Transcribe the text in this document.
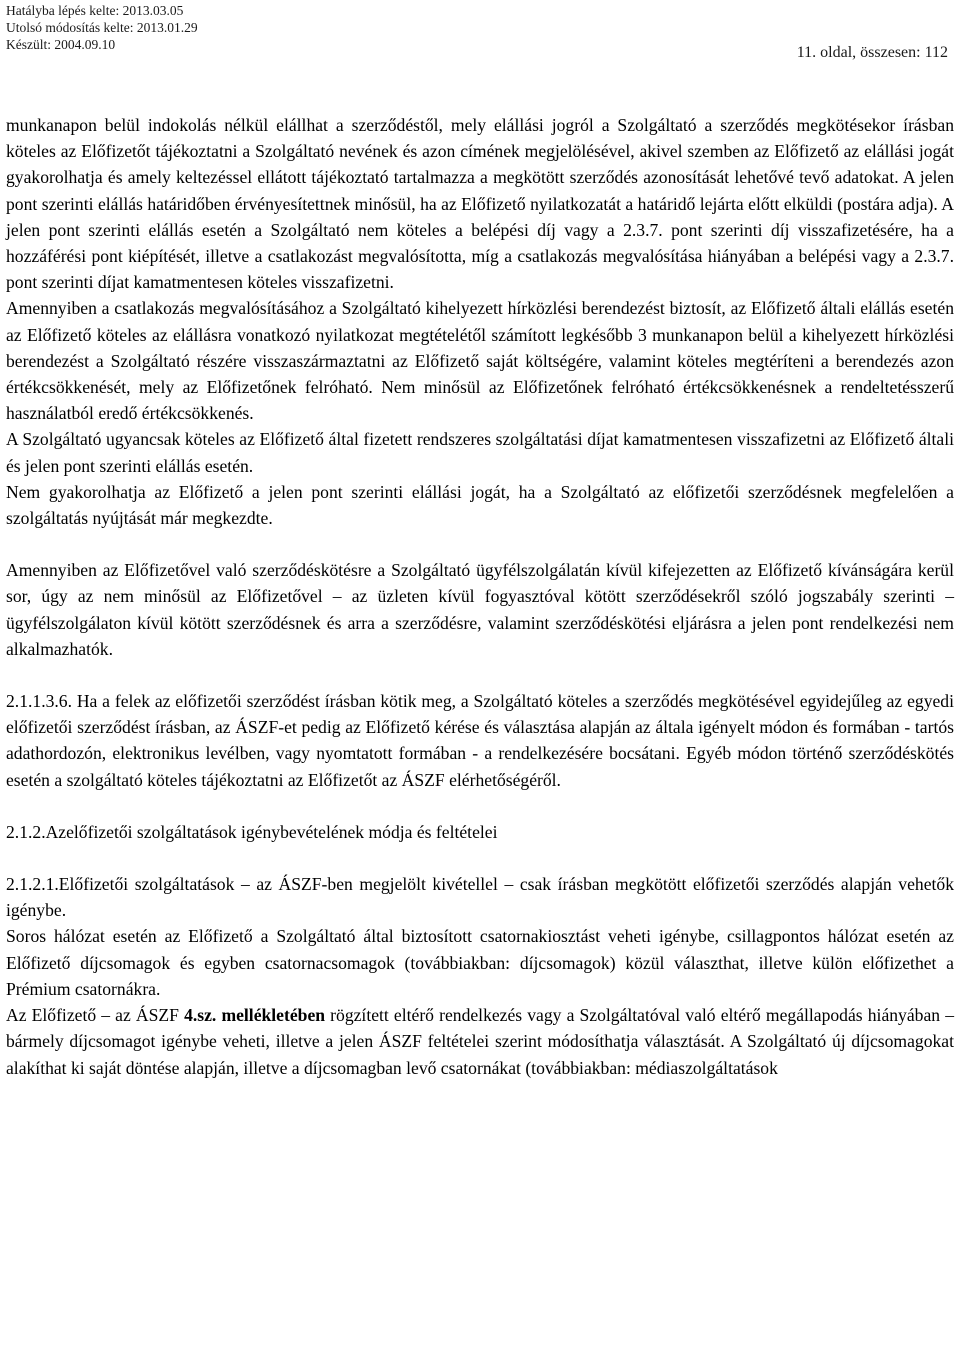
Hatályba lépés kelte: 2013.03.05
Utolsó módosítás kelte: 2013.01.29
Készült: 2004.09.10	11. oldal, összesen: 112

munkanapon belül indokolás nélkül elállhat a szerződéstől, mely elállási jogról a Szolgáltató a szerződés megkötésekor írásban köteles az Előfizetőt tájékoztatni a Szolgáltató nevének és azon címének megjelölésével, akivel szemben az Előfizető az elállási jogát gyakorolhatja és amely keltezéssel ellátott tájékoztató tartalmazza a megkötött szerződés azonosítását lehetővé tevő adatokat. A jelen pont szerinti elállás határidőben érvényesítettnek minősül, ha az Előfizető nyilatkozatát a határidő lejárta előtt elküldi (postára adja). A jelen pont szerinti elállás esetén a Szolgáltató nem köteles a belépési díj vagy a 2.3.7. pont szerinti díj visszafizetésére, ha a hozzáférési pont kiépítését, illetve a csatlakozást megvalósította, míg a csatlakozás megvalósítása hiányában a belépési vagy a 2.3.7. pont szerinti díjat kamatmentesen köteles visszafizetni.

Amennyiben a csatlakozás megvalósításához a Szolgáltató kihelyezett hírközlési berendezést biztosít, az Előfizető általi elállás esetén az Előfizető köteles az elállásra vonatkozó nyilatkozat megtételétől számított legkésőbb 3 munkanapon belül a kihelyezett hírközlési berendezést a Szolgáltató részére visszaszármaztatni az Előfizető saját költségére, valamint köteles megtéríteni a berendezés azon értékcsökkenését, mely az Előfizetőnek felróható. Nem minősül az Előfizetőnek felróható értékcsökkenésnek a rendeltetésszerű használatból eredő értékcsökkenés.

A Szolgáltató ugyancsak köteles az Előfizető által fizetett rendszeres szolgáltatási díjat kamatmentesen visszafizetni az Előfizető általi és jelen pont szerinti elállás esetén.

Nem gyakorolhatja az Előfizető a jelen pont szerinti elállási jogát, ha a Szolgáltató az előfizetői szerződésnek megfelelően a szolgáltatás nyújtását már megkezdte.

Amennyiben az Előfizetővel való szerződéskötésre a Szolgáltató ügyfélszolgálatán kívül kifejezetten az Előfizető kívánságára kerül sor, úgy az nem minősül az Előfizetővel – az üzleten kívül fogyasztóval kötött szerződésekről szóló jogszabály szerinti – ügyfélszolgálaton kívül kötött szerződésnek és arra a szerződésre, valamint szerződéskötési eljárásra a jelen pont rendelkezési nem alkalmazhatók.

2.1.1.3.6. Ha a felek az előfizetői szerződést írásban kötik meg, a Szolgáltató köteles a szerződés megkötésével egyidejűleg az egyedi előfizetői szerződést írásban, az ÁSZF-et pedig az Előfizető kérése és választása alapján az általa igényelt módon és formában - tartós adathordozón, elektronikus levélben, vagy nyomtatott formában - a rendelkezésére bocsátani. Egyéb módon történő szerződéskötés esetén a szolgáltató köteles tájékoztatni az Előfizetőt az ÁSZF elérhetőségéről.

2.1.2.Azelőfizetői szolgáltatások igénybevételének módja és feltételei

2.1.2.1.Előfizetői szolgáltatások – az ÁSZF-ben megjelölt kivétellel – csak írásban megkötött előfizetői szerződés alapján vehetők igénybe.

Soros hálózat esetén az Előfizető a Szolgáltató által biztosított csatornakiosztást veheti igénybe, csillagpontos hálózat esetén az Előfizető díjcsomagok és egyben csatornacsomagok (továbbiakban: díjcsomagok) közül választhat, illetve külön előfizethet a Prémium csatornákra.

Az Előfizető – az ÁSZF 4.sz. mellékletében rögzített eltérő rendelkezés vagy a Szolgáltatóval való eltérő megállapodás hiányában – bármely díjcsomagot igénybe veheti, illetve a jelen ÁSZF feltételei szerint módosíthatja választását. A Szolgáltató új díjcsomagokat alakíthat ki saját döntése alapján, illetve a díjcsomagban levő csatornákat (továbbiakban: médiaszolgáltatások
